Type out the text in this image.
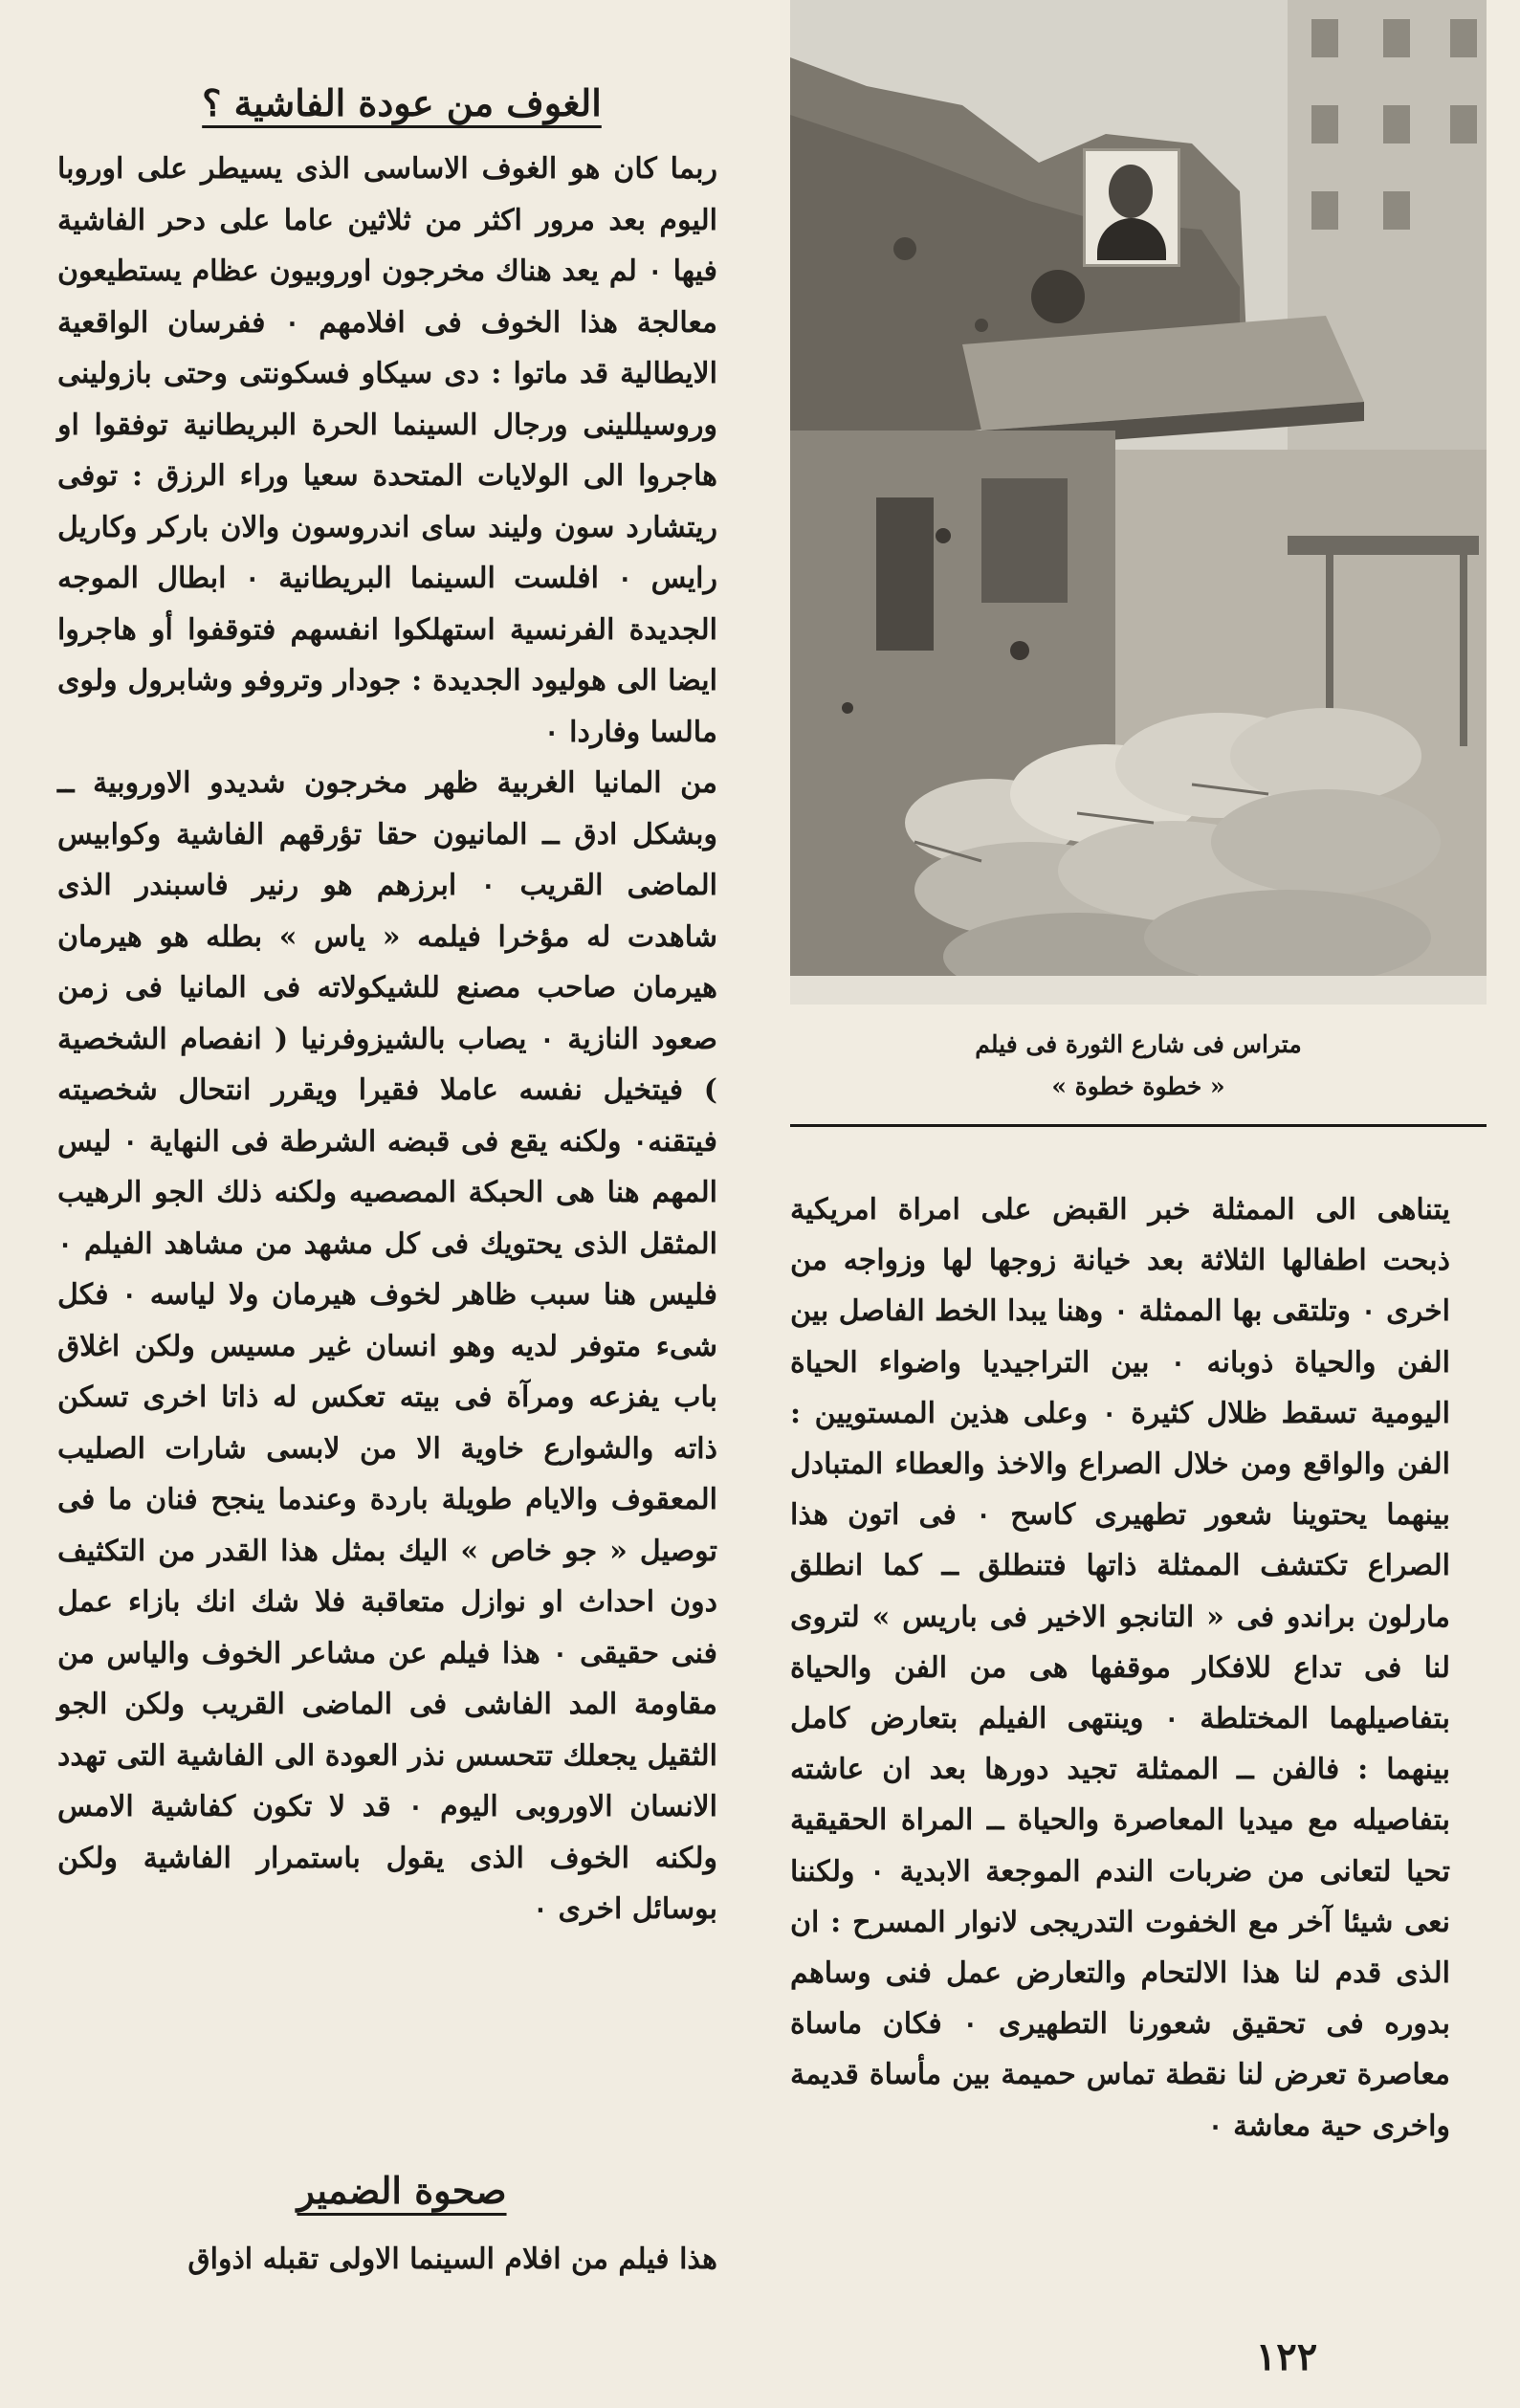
متراس فى شارع الثورة فى فيلم
« خطوة خطوة »
الغوف من عودة الفاشية ؟

ربما كان هو الغوف الاساسى الذى يسيطر على اوروبا اليوم بعد مرور اكثر من ثلاثين عاما على دحر الفاشية فيها ٠ لم يعد هناك مخرجون اوروبيون عظام يستطيعون معالجة هذا الخوف فى افلامهم ٠ ففرسان الواقعية الايطالية قد ماتوا : دى سيكاو فسكونتى وحتى بازولينى وروسيللينى ورجال السينما الحرة البريطانية توفقوا او هاجروا الى الولايات المتحدة سعيا وراء الرزق : توفى ريتشارد سون وليند ساى اندروسون والان باركر وكاريل رايس ٠ افلست السينما البريطانية ٠ ابطال الموجه الجديدة الفرنسية استهلكوا انفسهم فتوقفوا أو هاجروا ايضا الى هوليود الجديدة : جودار وتروفو وشابرول ولوى مالسا وفاردا ٠

من المانيا الغربية ظهر مخرجون شديدو الاوروبية ــ وبشكل ادق ــ المانيون حقا تؤرقهم الفاشية وكوابيس الماضى القريب ٠ ابرزهم هو رنير فاسبندر الذى شاهدت له مؤخرا فيلمه « ياس » بطله هو هيرمان هيرمان صاحب مصنع للشيكولاته فى المانيا فى زمن صعود النازية ٠ يصاب بالشيزوفرنيا ( انفصام الشخصية ) فيتخيل نفسه عاملا فقيرا ويقرر انتحال شخصيته فيتقنه٠ ولكنه يقع فى قبضه الشرطة فى النهاية ٠ ليس المهم هنا هى الحبكة المصصيه ولكنه ذلك الجو الرهيب المثقل الذى يحتويك فى كل مشهد من مشاهد الفيلم ٠ فليس هنا سبب ظاهر لخوف هيرمان ولا لياسه ٠ فكل شىء متوفر لديه وهو انسان غير مسيس ولكن اغلاق باب يفزعه ومرآة فى بيته تعكس له ذاتا اخرى تسكن ذاته والشوارع خاوية الا من لابسى شارات الصليب المعقوف والايام طويلة باردة وعندما ينجح فنان ما فى توصيل « جو خاص » اليك بمثل هذا القدر من التكثيف دون احداث او نوازل متعاقبة فلا شك انك بازاء عمل فنى حقيقى ٠ هذا فيلم عن مشاعر الخوف والياس من مقاومة المد الفاشى فى الماضى القريب ولكن الجو الثقيل يجعلك تتحسس نذر العودة الى الفاشية التى تهدد الانسان الاوروبى اليوم ٠ قد لا تكون كفاشية الامس ولكنه الخوف الذى يقول باستمرار الفاشية ولكن بوسائل اخرى ٠

صحوة الضمير
هذا فيلم من افلام السينما الاولى تقبله اذواق

يتناهى الى الممثلة خبر القبض على امراة امريكية ذبحت اطفالها الثلاثة بعد خيانة زوجها لها وزواجه من اخرى ٠ وتلتقى بها الممثلة ٠ وهنا يبدا الخط الفاصل بين الفن والحياة ذوبانه ٠ بين التراجيديا واضواء الحياة اليومية تسقط ظلال كثيرة ٠ وعلى هذين المستويين : الفن والواقع ومن خلال الصراع والاخذ والعطاء المتبادل بينهما يحتوينا شعور تطهيرى كاسح ٠ فى اتون هذا الصراع تكتشف الممثلة ذاتها فتنطلق ــ كما انطلق مارلون براندو فى « التانجو الاخير فى باريس » لتروى لنا فى تداع للافكار موقفها هى من الفن والحياة بتفاصيلهما المختلطة ٠ وينتهى الفيلم بتعارض كامل بينهما : فالفن ــ الممثلة تجيد دورها بعد ان عاشته بتفاصيله مع ميديا المعاصرة والحياة ــ المراة الحقيقية تحيا لتعانى من ضربات الندم الموجعة الابدية ٠ ولكننا نعى شيئا آخر مع الخفوت التدريجى لانوار المسرح : ان الذى قدم لنا هذا الالتحام والتعارض عمل فنى وساهم بدوره فى تحقيق شعورنا التطهيرى ٠ فكان ماساة معاصرة تعرض لنا نقطة تماس حميمة بين مأساة قديمة واخرى حية معاشة ٠

١٢٢
